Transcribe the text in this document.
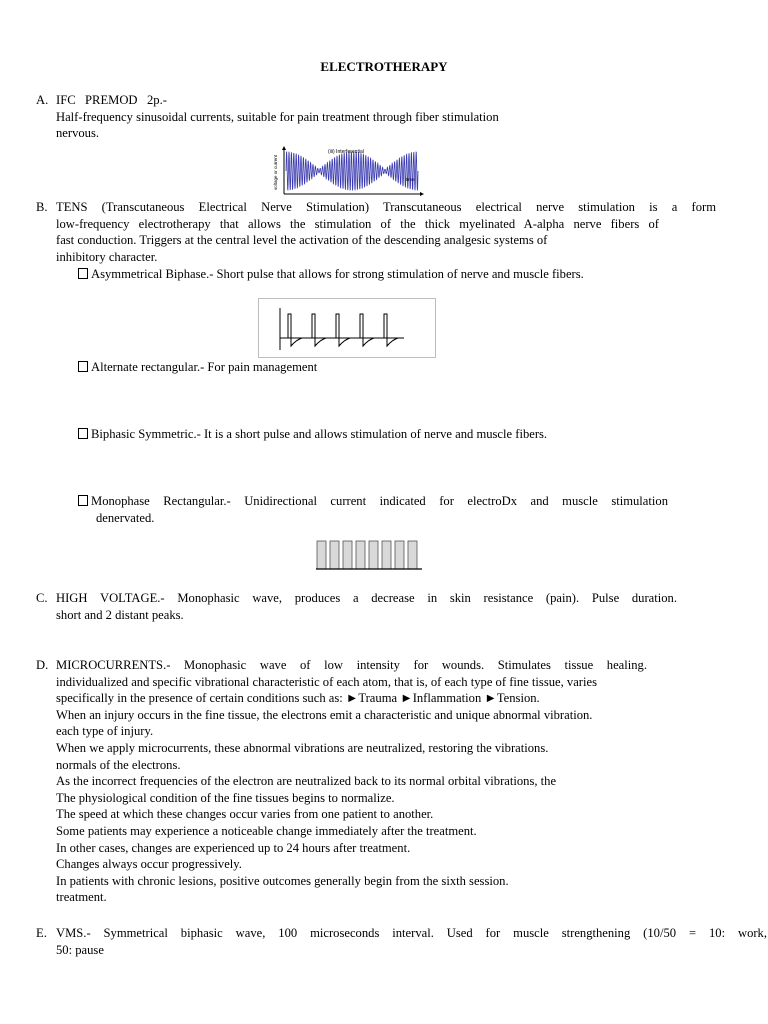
ELECTROTHERAPY
A. IFC   PREMOD   2p.-
Half-frequency sinusoidal currents, suitable for pain treatment through fiber stimulation
nervous.
voltage or current
(iii) Interferential
time
B. TENS (Transcutaneous Electrical Nerve Stimulation) Transcutaneous electrical nerve stimulation is a form
low-frequency electrotherapy that allows the stimulation of the thick myelinated A-alpha nerve fibers of
fast conduction. Triggers at the central level the activation of the descending analgesic systems of
inhibitory character.
Asymmetrical Biphase.- Short pulse that allows for strong stimulation of nerve and muscle fibers.
Alternate rectangular.- For pain management
Biphasic Symmetric.- It is a short pulse and allows stimulation of nerve and muscle fibers.
Monophase Rectangular.- Unidirectional current indicated for electroDx and muscle stimulation
denervated.
C. HIGH VOLTAGE.- Monophasic wave, produces a decrease in skin resistance (pain). Pulse duration.
short and 2 distant peaks.
D. MICROCURRENTS.- Monophasic wave of low intensity for wounds. Stimulates tissue healing.
individualized and specific vibrational characteristic of each atom, that is, of each type of fine tissue, varies
specifically in the presence of certain conditions such as: ►Trauma ►Inflammation ►Tension.
When an injury occurs in the fine tissue, the electrons emit a characteristic and unique abnormal vibration.
each type of injury.
When we apply microcurrents, these abnormal vibrations are neutralized, restoring the vibrations.
normals of the electrons.
As the incorrect frequencies of the electron are neutralized back to its normal orbital vibrations, the
The physiological condition of the fine tissues begins to normalize.
The speed at which these changes occur varies from one patient to another.
Some patients may experience a noticeable change immediately after the treatment.
In other cases, changes are experienced up to 24 hours after treatment.
Changes always occur progressively.
In patients with chronic lesions, positive outcomes generally begin from the sixth session.
treatment.
E. VMS.- Symmetrical biphasic wave, 100 microseconds interval. Used for muscle strengthening (10/50 = 10: work,
50: pause
